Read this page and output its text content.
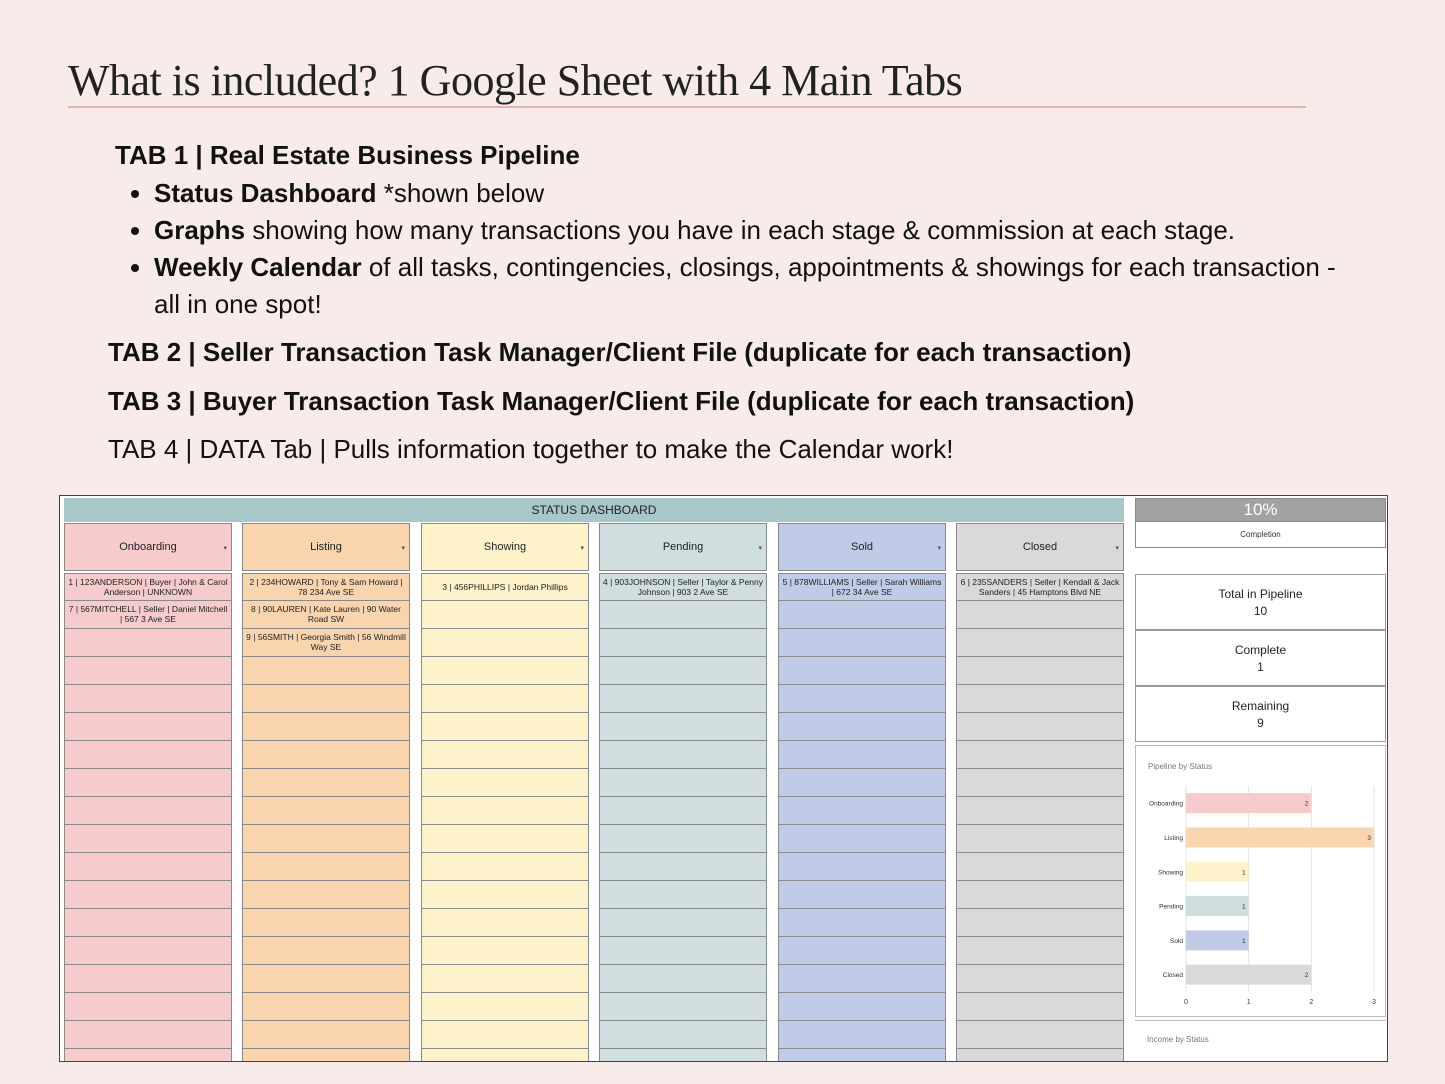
What is included? 1 Google Sheet with 4 Main Tabs
TAB 1 | Real Estate Business Pipeline
• Status Dashboard *shown below
• Graphs showing how many transactions you have in each stage & commission at each stage.
• Weekly Calendar of all tasks, contingencies, closings, appointments & showings for each transaction - all in one spot!
TAB 2 | Seller Transaction Task Manager/Client File (duplicate for each transaction)
TAB 3 | Buyer Transaction Task Manager/Client File (duplicate for each transaction)
TAB 4 | DATA Tab | Pulls information together to make the Calendar work!
STATUS DASHBOARD
Onboarding	▾
1 | 123ANDERSON | Buyer | John & Carol Anderson | UNKNOWN
7 | 567MITCHELL | Seller | Daniel Mitchell | 567 3 Ave SE
Listing	▾
2 | 234HOWARD | Tony & Sam Howard | 78 234 Ave SE
8 | 90LAUREN | Kate Lauren | 90 Water Road SW
9 | 56SMITH | Georgia Smith | 56 Windmill Way SE
Showing	▾
3 | 456PHILLIPS | Jordan Phillips
Pending	▾
4 | 903JOHNSON | Seller | Taylor & Penny Johnson | 903 2 Ave SE
Sold	▾
5 | 878WILLIAMS | Seller | Sarah Williams | 672 34 Ave SE
Closed	▾
6 | 235SANDERS | Seller | Kendall & Jack Sanders | 45 Hamptons Blvd NE
10%
Completion
Total in Pipeline
10
Complete
1
Remaining
9
Pipeline by Status
0	1	2	3
Onboarding	2
Listing	3
Showing	1
Pending	1
Sold	1
Closed	2
Income by Status
